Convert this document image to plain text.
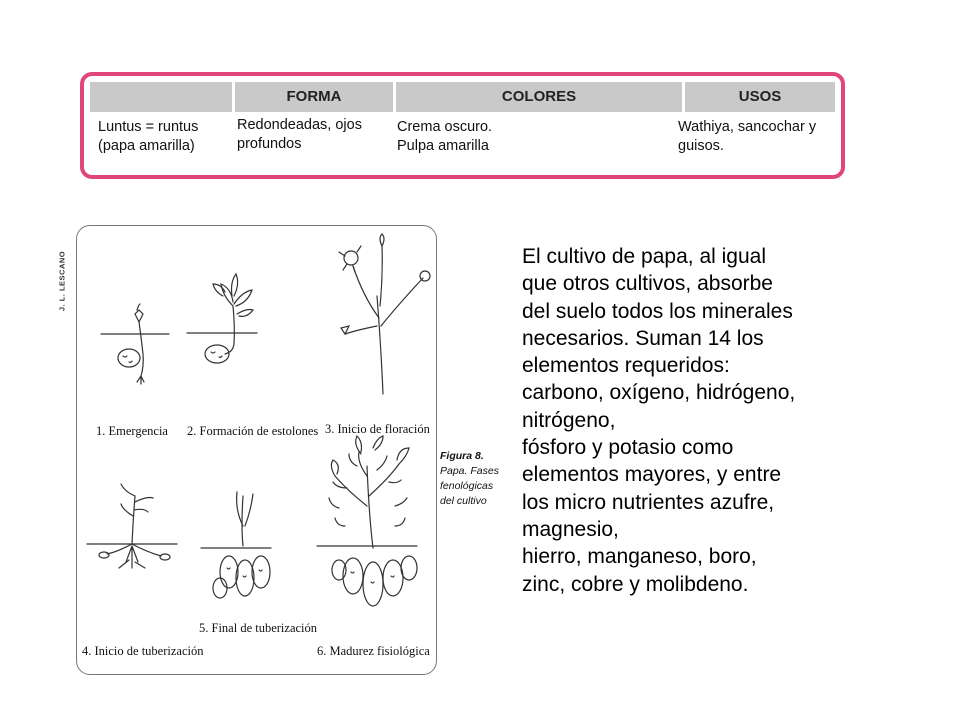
FORMA	COLORES	USOS
Luntus = runtus
(papa amarilla)
Redondeadas, ojos
profundos
Crema oscuro.
Pulpa amarilla
Wathiya, sancochar y
guisos.
J. L. LESCANO
1. Emergencia 2. Formación de estolones 3. Inicio de floración
4. Inicio de tuberización
5. Final de tuberización
6. Madurez fisiológica
Figura 8.
Papa. Fases
fenológicas
del cultivo
El cultivo de papa, al igual
que otros cultivos, absorbe
del suelo todos los minerales
necesarios. Suman 14 los
elementos requeridos:
carbono, oxígeno, hidrógeno,
nitrógeno,
fósforo y potasio como
elementos mayores, y entre
los micro nutrientes azufre,
magnesio,
hierro, manganeso, boro,
zinc, cobre y molibdeno.
